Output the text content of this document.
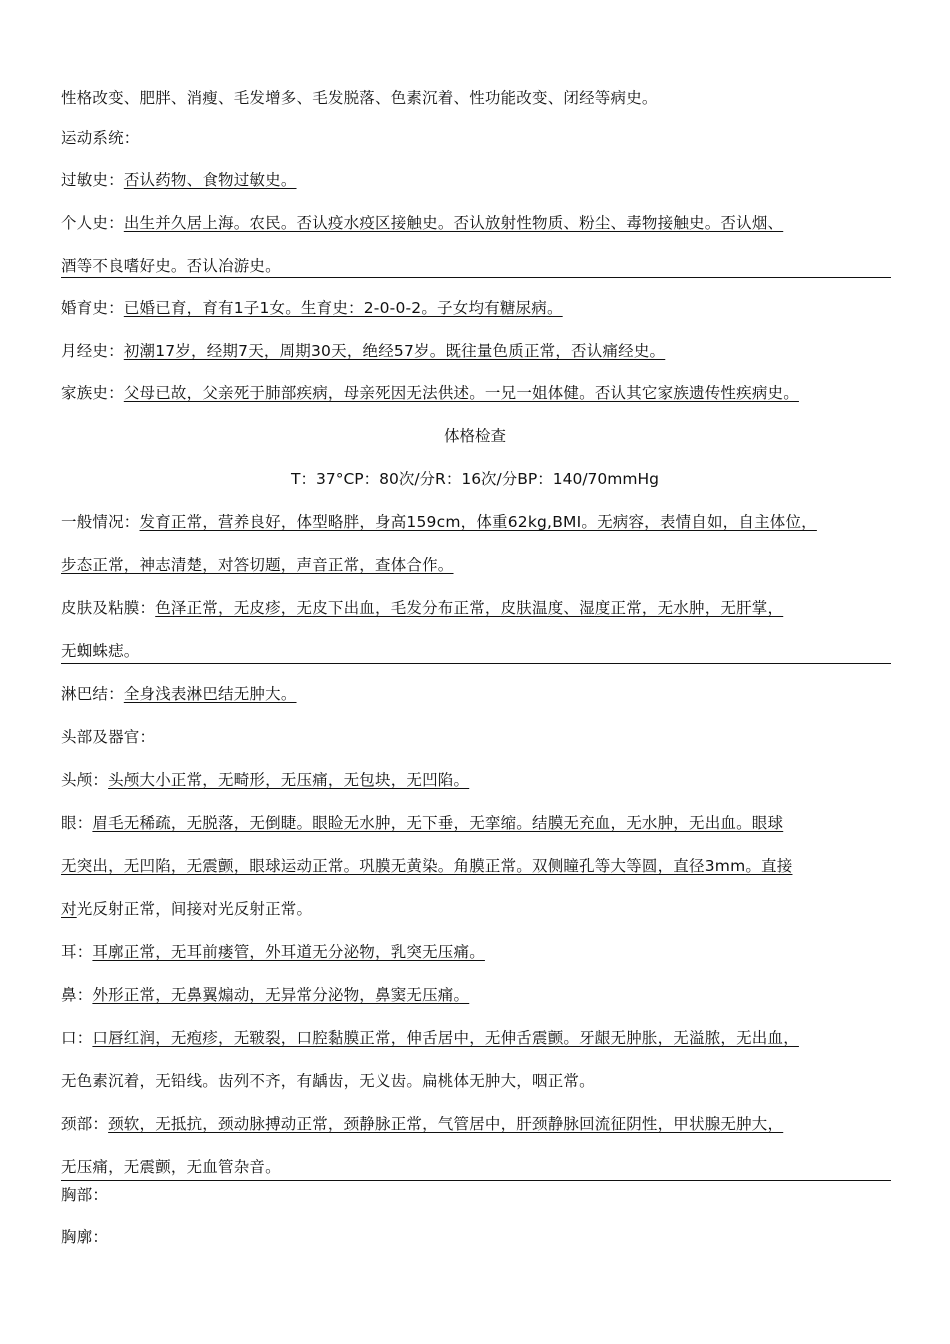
性格改变、肥胖、消瘦、毛发增多、毛发脱落、色素沉着、性功能改变、闭经等病史。
运动系统：
过敏史：否认药物、食物过敏史。
个人史：出生并久居上海。农民。否认疫水疫区接触史。否认放射性物质、粉尘、毒物接触史。否认烟、
酒等不良嗜好史。否认冶游史。
婚育史：已婚已育，育有1子1女。生育史：2-0-0-2。子女均有糖尿病。
月经史：初潮17岁，经期7天，周期30天，绝经57岁。既往量色质正常，否认痛经史。
家族史：父母已故，父亲死于肺部疾病，母亲死因无法供述。一兄一姐体健。否认其它家族遗传性疾病史。
体格检查
T：37°CP：80次/分R：16次/分BP：140/70mmHg
一般情况：发育正常，营养良好，体型略胖，身高159cm，体重62kg,BMI。无病容，表情自如，自主体位，
步态正常，神志清楚，对答切题，声音正常，查体合作。
皮肤及粘膜：色泽正常，无皮疹，无皮下出血，毛发分布正常，皮肤温度、湿度正常，无水肿，无肝掌，
无蜘蛛痣。
淋巴结：全身浅表淋巴结无肿大。
头部及器官：
头颅：头颅大小正常，无畸形，无压痛，无包块，无凹陷。
眼：眉毛无稀疏，无脱落，无倒睫。眼睑无水肿，无下垂，无挛缩。结膜无充血，无水肿，无出血。眼球
无突出，无凹陷，无震颤，眼球运动正常。巩膜无黄染。角膜正常。双侧瞳孔等大等圆，直径3mm。直接
对光反射正常，间接对光反射正常。
耳：耳廓正常，无耳前瘘管，外耳道无分泌物，乳突无压痛。
鼻：外形正常，无鼻翼煽动，无异常分泌物，鼻窦无压痛。
口：口唇红润，无疱疹，无皲裂，口腔黏膜正常，伸舌居中，无伸舌震颤。牙龈无肿胀，无溢脓，无出血，
无色素沉着，无铅线。齿列不齐，有龋齿，无义齿。扁桃体无肿大，咽正常。
颈部：颈软，无抵抗，颈动脉搏动正常，颈静脉正常，气管居中，肝颈静脉回流征阴性，甲状腺无肿大，
无压痛，无震颤，无血管杂音。
胸部：
胸廓：
